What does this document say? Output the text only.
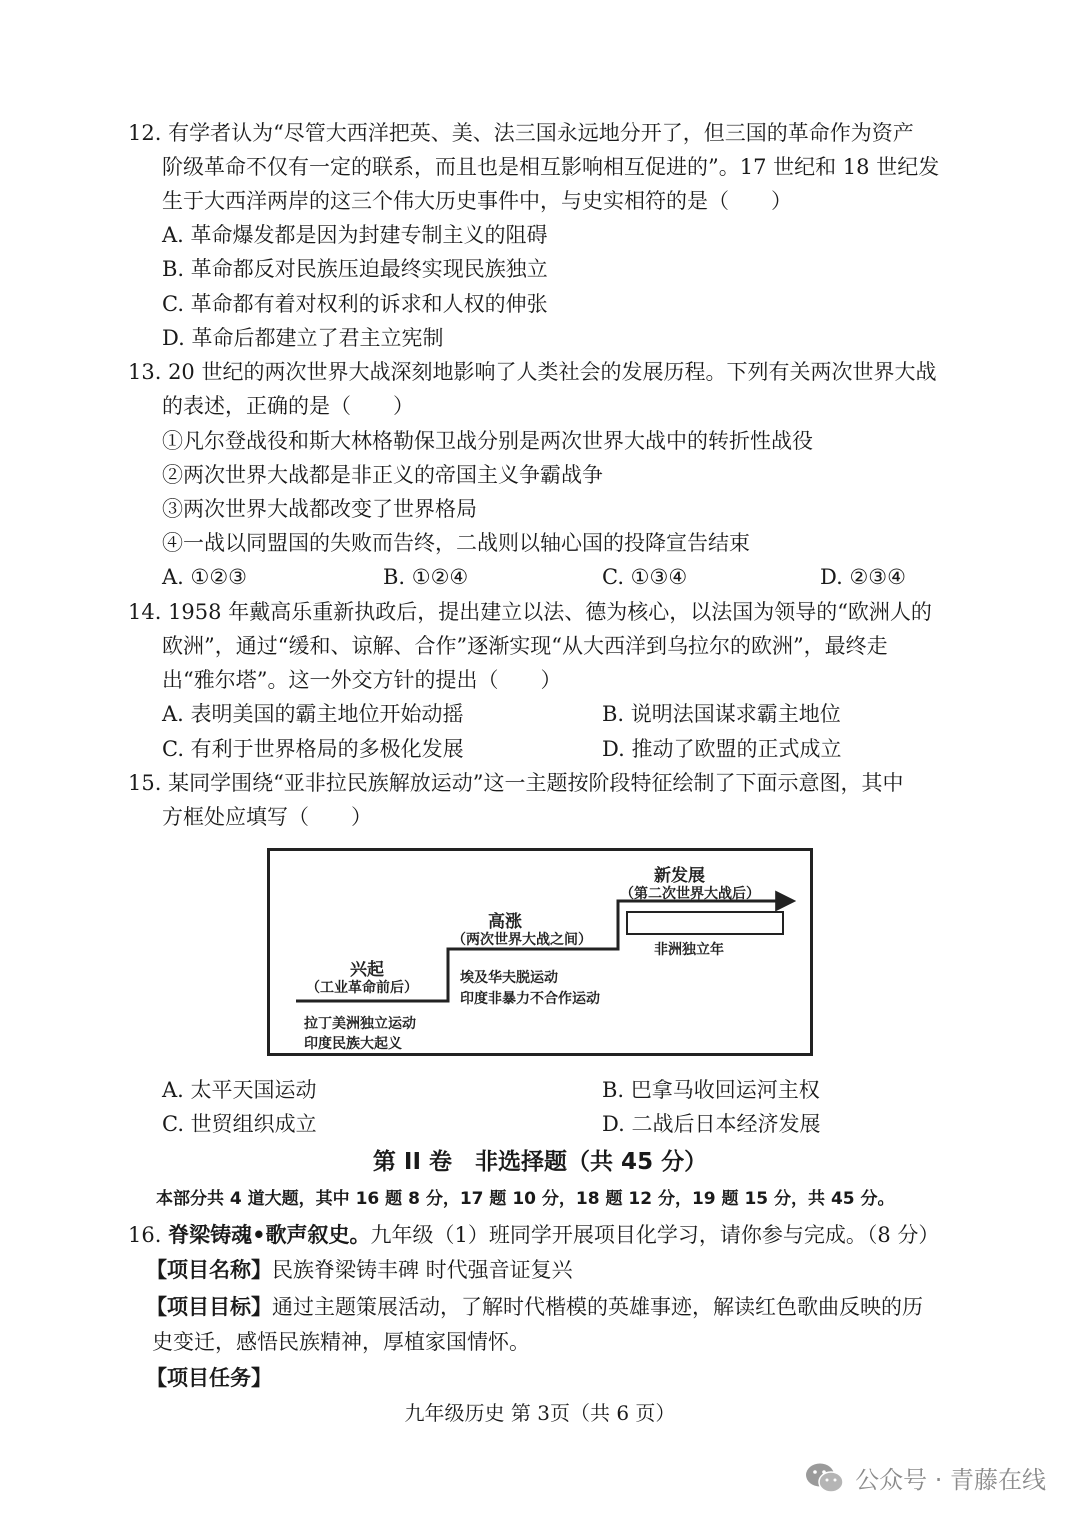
12. 有学者认为“尽管大西洋把英、美、法三国永远地分开了，但三国的革命作为资产
阶级革命不仅有一定的联系，而且也是相互影响相互促进的”。17 世纪和 18 世纪发
生于大西洋两岸的这三个伟大历史事件中，与史实相符的是（　　）
A. 革命爆发都是因为封建专制主义的阻碍
B. 革命都反对民族压迫最终实现民族独立
C. 革命都有着对权利的诉求和人权的伸张
D. 革命后都建立了君主立宪制
13. 20 世纪的两次世界大战深刻地影响了人类社会的发展历程。下列有关两次世界大战
的表述，正确的是（　　）
①凡尔登战役和斯大林格勒保卫战分别是两次世界大战中的转折性战役
②两次世界大战都是非正义的帝国主义争霸战争
③两次世界大战都改变了世界格局
④一战以同盟国的失败而告终，二战则以轴心国的投降宣告结束
A. ①②③	B. ①②④	C. ①③④	D. ②③④
14. 1958 年戴高乐重新执政后，提出建立以法、德为核心，以法国为领导的“欧洲人的
欧洲”，通过“缓和、谅解、合作”逐渐实现“从大西洋到乌拉尔的欧洲”，最终走
出“雅尔塔”。这一外交方针的提出（　　）
A. 表明美国的霸主地位开始动摇	B. 说明法国谋求霸主地位
C. 有利于世界格局的多极化发展	D. 推动了欧盟的正式成立
15. 某同学围绕“亚非拉民族解放运动”这一主题按阶段特征绘制了下面示意图，其中
方框处应填写（　　）
兴起
（工业革命前后）
拉丁美洲独立运动
印度民族大起义
高涨
（两次世界大战之间）
埃及华夫脱运动
印度非暴力不合作运动
新发展
（第二次世界大战后）
非洲独立年
A. 太平天国运动	B. 巴拿马收回运河主权
C. 世贸组织成立	D. 二战后日本经济发展
第 II 卷　非选择题（共 45 分）
本部分共 4 道大题，其中 16 题 8 分，17 题 10 分，18 题 12 分，19 题 15 分，共 45 分。
16. 脊梁铸魂•歌声叙史。九年级（1）班同学开展项目化学习，请你参与完成。（8 分）
【项目名称】民族脊梁铸丰碑 时代强音证复兴
【项目目标】通过主题策展活动，了解时代楷模的英雄事迹，解读红色歌曲反映的历
史变迁，感悟民族精神，厚植家国情怀。
【项目任务】
九年级历史 第 3页（共 6 页）
公众号 · 青藤在线
